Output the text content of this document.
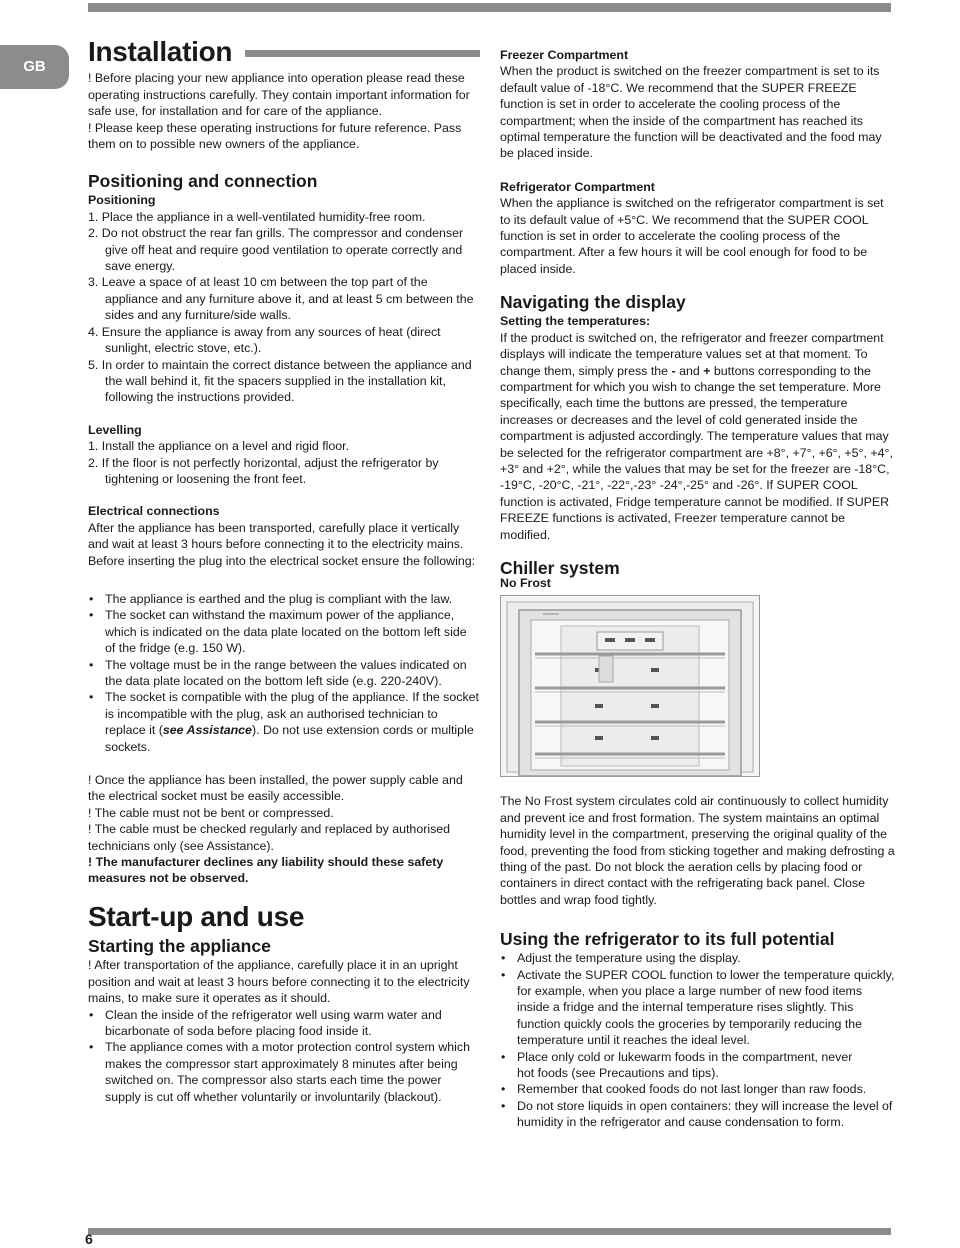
GB
6
Installation

! Before placing your new appliance into operation please read these operating instructions carefully. They contain important information for safe use, for installation and for care of the appliance.

! Please keep these operating instructions for future reference. Pass them on to possible new owners of the appliance.

Positioning and connection
Positioning

1. Place the appliance in a well-ventilated humidity-free room.

2. Do not obstruct the rear fan grills. The compressor and condenser give off heat and require good ventilation to operate correctly and save energy.

3. Leave a space of at least 10 cm between the top part of the appliance and any furniture above it, and at least 5 cm between the sides and any furniture/side walls.

4. Ensure the appliance is away from any sources of heat (direct sunlight, electric stove, etc.).

5. In order to maintain the correct distance between the appliance and the wall behind it, fit the spacers supplied in the installation kit, following the instructions provided.

Levelling

1. Install the appliance on a level and rigid floor.

2. If the floor is not perfectly horizontal, adjust the refrigerator by tightening or loosening the front feet.

Electrical connections

After the appliance has been transported, carefully place it vertically and wait at least 3 hours before connecting it to the electricity mains. Before inserting the plug into the electrical socket ensure the following:

• The appliance is earthed and the plug is compliant with the law.
• The socket can withstand the maximum power of the appliance, which is indicated on the data plate located on the bottom left side of the fridge (e.g. 150 W).
• The voltage must be in the range between the values indicated on the data plate located on the bottom left side (e.g. 220-240V).
• The socket is compatible with the plug of the appliance. If the socket is incompatible with the plug, ask an authorised technician to replace it (see Assistance). Do not use extension cords or multiple sockets.

! Once the appliance has been installed, the power supply cable and the electrical socket must be easily accessible.

! The cable must not be bent or compressed.

! The cable must be checked regularly and replaced by authorised technicians only (see Assistance).

! The manufacturer declines any liability should these safety measures not be observed.

Start-up and use
Starting the appliance

! After transportation of the appliance, carefully place it in an upright position and wait at least 3 hours before connecting it to the electricity mains, to make sure it operates as it should.

• Clean the inside of the refrigerator well using warm water and bicarbonate of soda before placing food inside it.
• The appliance comes with a motor protection control system which makes the compressor start approximately 8 minutes after being switched on. The compressor also starts each time the power supply is cut off whether voluntarily or involuntarily (blackout).
Freezer Compartment

When the product is switched on the freezer compartment is set to its default value of -18°C. We recommend that the SUPER FREEZE function is set in order to accelerate the cooling process of the compartment; when the inside of the compartment has reached its optimal temperature the function will be deactivated and the food may be placed inside.

Refrigerator Compartment

When the appliance is switched on the refrigerator compartment is set to its default value of +5°C. We recommend that the SUPER COOL function is set in order to accelerate the cooling process of the compartment. After a few hours it will be cool enough for food to be placed inside.

Navigating the display
Setting the temperatures:

If the product is switched on, the refrigerator and freezer compartment displays will indicate the temperature values set at that moment. To change them, simply press the - and + buttons corresponding to the compartment for which you wish to change the set temperature. More specifically, each time the buttons are pressed, the temperature increases or decreases and the level of cold generated inside the compartment is adjusted accordingly. The temperature values that may be selected for the refrigerator compartment are +8°, +7°, +6°, +5°, +4°, +3° and +2°, while the values that may be set for the freezer are -18°C, -19°C, -20°C, -21°, -22°,-23° -24°,-25° and -26°. If SUPER COOL function is activated, Fridge temperature cannot be modified. If SUPER FREEZE functions is activated, Freezer temperature cannot be modified.

Chiller system
No Frost

The No Frost system circulates cold air continuously to collect humidity and prevent ice and frost formation. The system maintains an optimal humidity level in the compartment, preserving the original quality of the food, preventing the food from sticking together and making defrosting a thing of the past. Do not block the aeration cells by placing food or containers in direct contact with the refrigerating back panel. Close bottles and wrap food tightly.

Using the refrigerator to its full potential
• Adjust the temperature using the display.
• Activate the SUPER COOL function to lower the temperature quickly, for example, when you place a large number of new food items inside a fridge and the internal temperature rises slightly. This function quickly cools the groceries by temporarily reducing the temperature until it reaches the ideal level.
• Place only cold or lukewarm foods in the compartment, never

hot foods (see Precautions and tips).

• Remember that cooked foods do not last longer than raw foods.
• Do not store liquids in open containers: they will increase the level of humidity in the refrigerator and cause condensation to form.
